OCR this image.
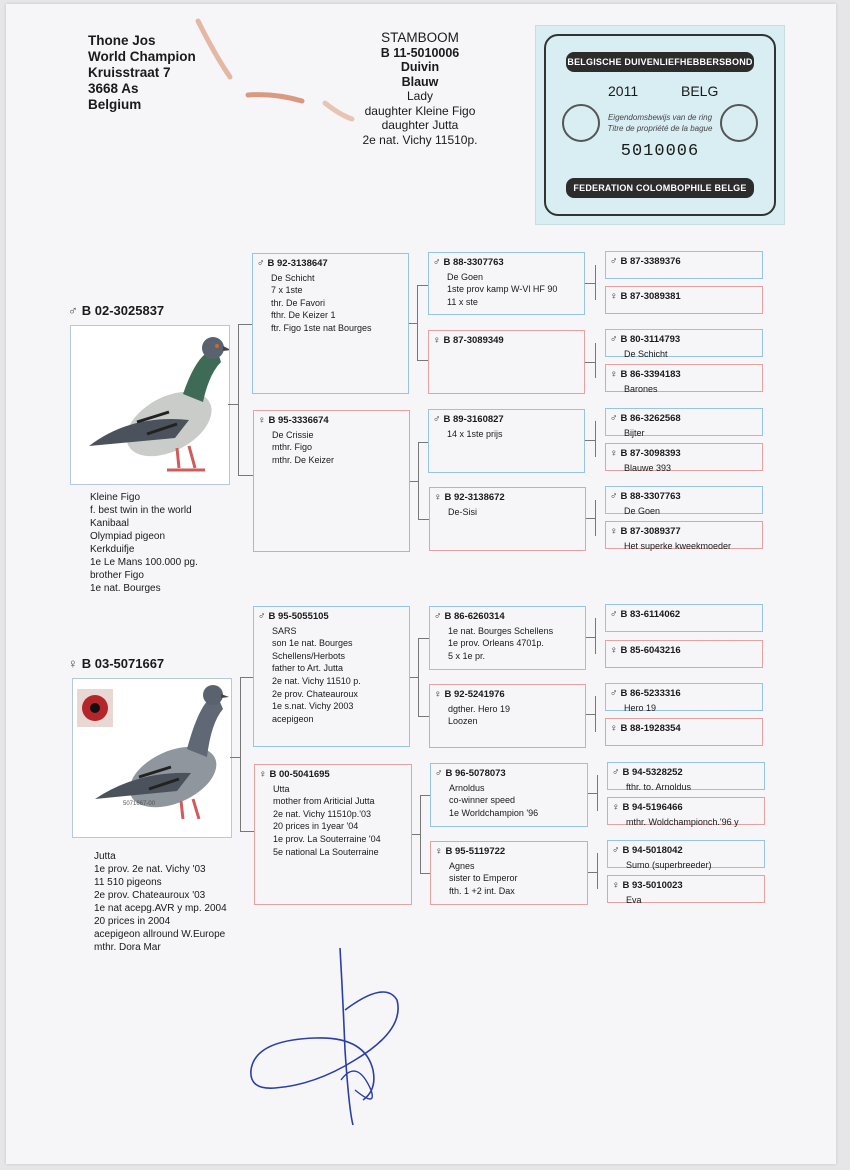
Thone Jos
World Champion
Kruisstraat 7
3668 As
Belgium
STAMBOOM
B 11-5010006
Duivin
Blauw
Lady
daughter Kleine Figo
daughter Jutta
2e nat. Vichy 11510p.
BELGISCHE DUIVENLIEFHEBBERSBOND
2011	BELG
Eigendomsbewijs van de ring
Titre de propriété de la bague
5010006
FEDERATION COLOMBOPHILE BELGE
♂ B 02-3025837
Kleine Figo
f. best twin in the world
Kanibaal
Olympiad pigeon
Kerkduifje
1e Le Mans 100.000 pg.
brother Figo
1e nat. Bourges
♀ B 03-5071667
5071667-00
Jutta
1e prov. 2e nat. Vichy '03
11 510 pigeons
2e prov. Chateauroux '03
1e nat acepg.AVR y mp. 2004
20 prices in 2004
acepigeon allround W.Europe
mthr. Dora Mar
♂ B 92-3138647
De Schicht
7 x 1ste
thr. De Favori
fthr. De Keizer 1
ftr. Figo 1ste nat Bourges
♀ B 95-3336674
De Crissie
mthr. Figo
mthr. De Keizer
♂ B 95-5055105
SARS
son 1e nat. Bourges
Schellens/Herbots
father to Art. Jutta
2e nat. Vichy 11510 p.
2e prov. Chateauroux
1e s.nat. Vichy 2003
acepigeon
♀ B 00-5041695
Utta
mother from Ariticial Jutta
2e nat. Vichy 11510p.'03
20 prices in 1year '04
1e prov. La Souterraine '04
5e national La Souterraine
♂ B 88-3307763
De Goen
1ste prov kamp W-Vl HF 90
11 x ste
♀ B 87-3089349
♂ B 89-3160827
14 x 1ste prijs
♀ B 92-3138672
De-Sisi
♂ B 86-6260314
1e nat. Bourges Schellens
1e prov. Orleans 4701p.
5 x 1e pr.
♀ B 92-5241976
dgther. Hero 19
Loozen
♂ B 96-5078073
Arnoldus
co-winner speed
1e Worldchampion '96
♀ B 95-5119722
Agnes
sister to Emperor
fth. 1 +2 int. Dax
♂ B 87-3389376
♀ B 87-3089381
♂ B 80-3114793
De Schicht
♀ B 86-3394183
Barones
♂ B 86-3262568
Bijter
♀ B 87-3098393
Blauwe 393
♂ B 88-3307763
De Goen
♀ B 87-3089377
Het superke kweekmoeder
♂ B 83-6114062
♀ B 85-6043216
♂ B 86-5233316
Hero 19
♀ B 88-1928354
♂ B 94-5328252
fthr. to. Arnoldus
♀ B 94-5196466
mthr. Woldchampionch.'96 y
♂ B 94-5018042
Sumo (superbreeder)
♀ B 93-5010023
Eva
